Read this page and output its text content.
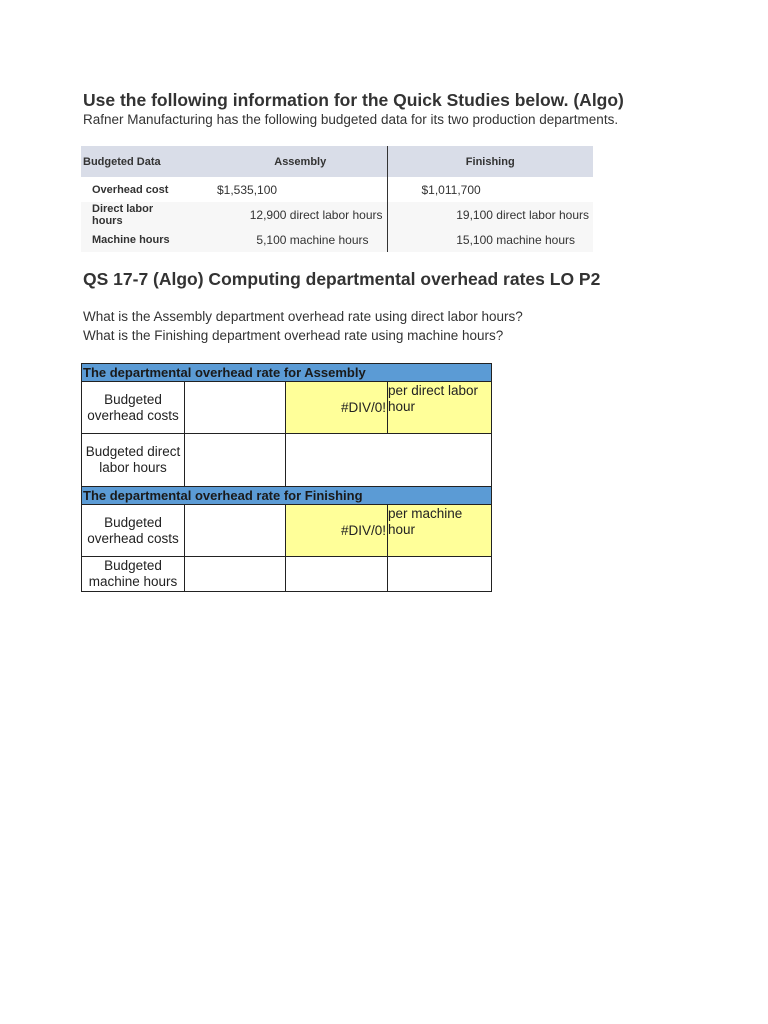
Use the following information for the Quick Studies below. (Algo)

Rafner Manufacturing has the following budgeted data for its two production departments.

Budgeted Data	Assembly	Finishing
Overhead cost	$1,535,100	$1,011,700
Direct labor hours	12,900 direct labor hours	19,100 direct labor hours
Machine hours	5,100 machine hours	15,100 machine hours
QS 17-7 (Algo) Computing departmental overhead rates LO P2

What is the Assembly department overhead rate using direct labor hours?

What is the Finishing department overhead rate using machine hours?

The departmental overhead rate for Assembly			
Budgeted overhead costs		#DIV/0!	per direct labor hour
Budgeted direct labor hours			
The departmental overhead rate for Finishing			
Budgeted overhead costs		#DIV/0!	per machine hour
Budgeted machine hours			
